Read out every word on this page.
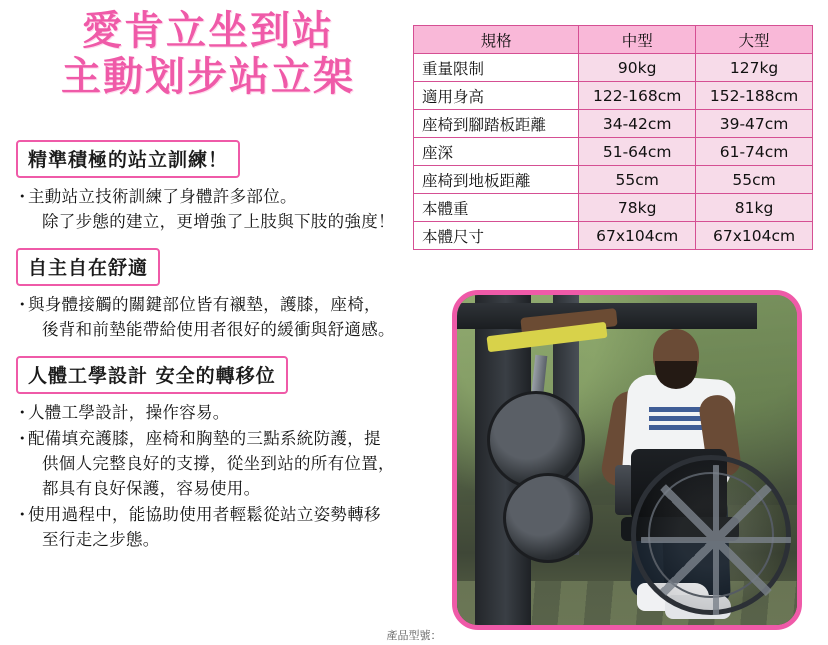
愛肯立坐到站
主動划步站立架
精準積極的站立訓練！
・ 主動站立技術訓練了身體許多部位。
除了步態的建立，更增強了上肢與下肢的強度！
自主自在舒適
・ 與身體接觸的關鍵部位皆有襯墊，護膝，座椅，
後背和前墊能帶給使用者很好的緩衝與舒適感。
人體工學設計 安全的轉移位
・ 人體工學設計，操作容易。
・ 配備填充護膝，座椅和胸墊的三點系統防護，提
供個人完整良好的支撐，從坐到站的所有位置，
都具有良好保護，容易使用。
・ 使用過程中，能協助使用者輕鬆從站立姿勢轉移
至行走之步態。
規格	中型	大型
重量限制	90kg	127kg
適用身高	122-168cm	152-188cm
座椅到腳踏板距離	34-42cm	39-47cm
座深	51-64cm	61-74cm
座椅到地板距離	55cm	55cm
本體重	78kg	81kg
本體尺寸	67x104cm	67x104cm
產品型號：
